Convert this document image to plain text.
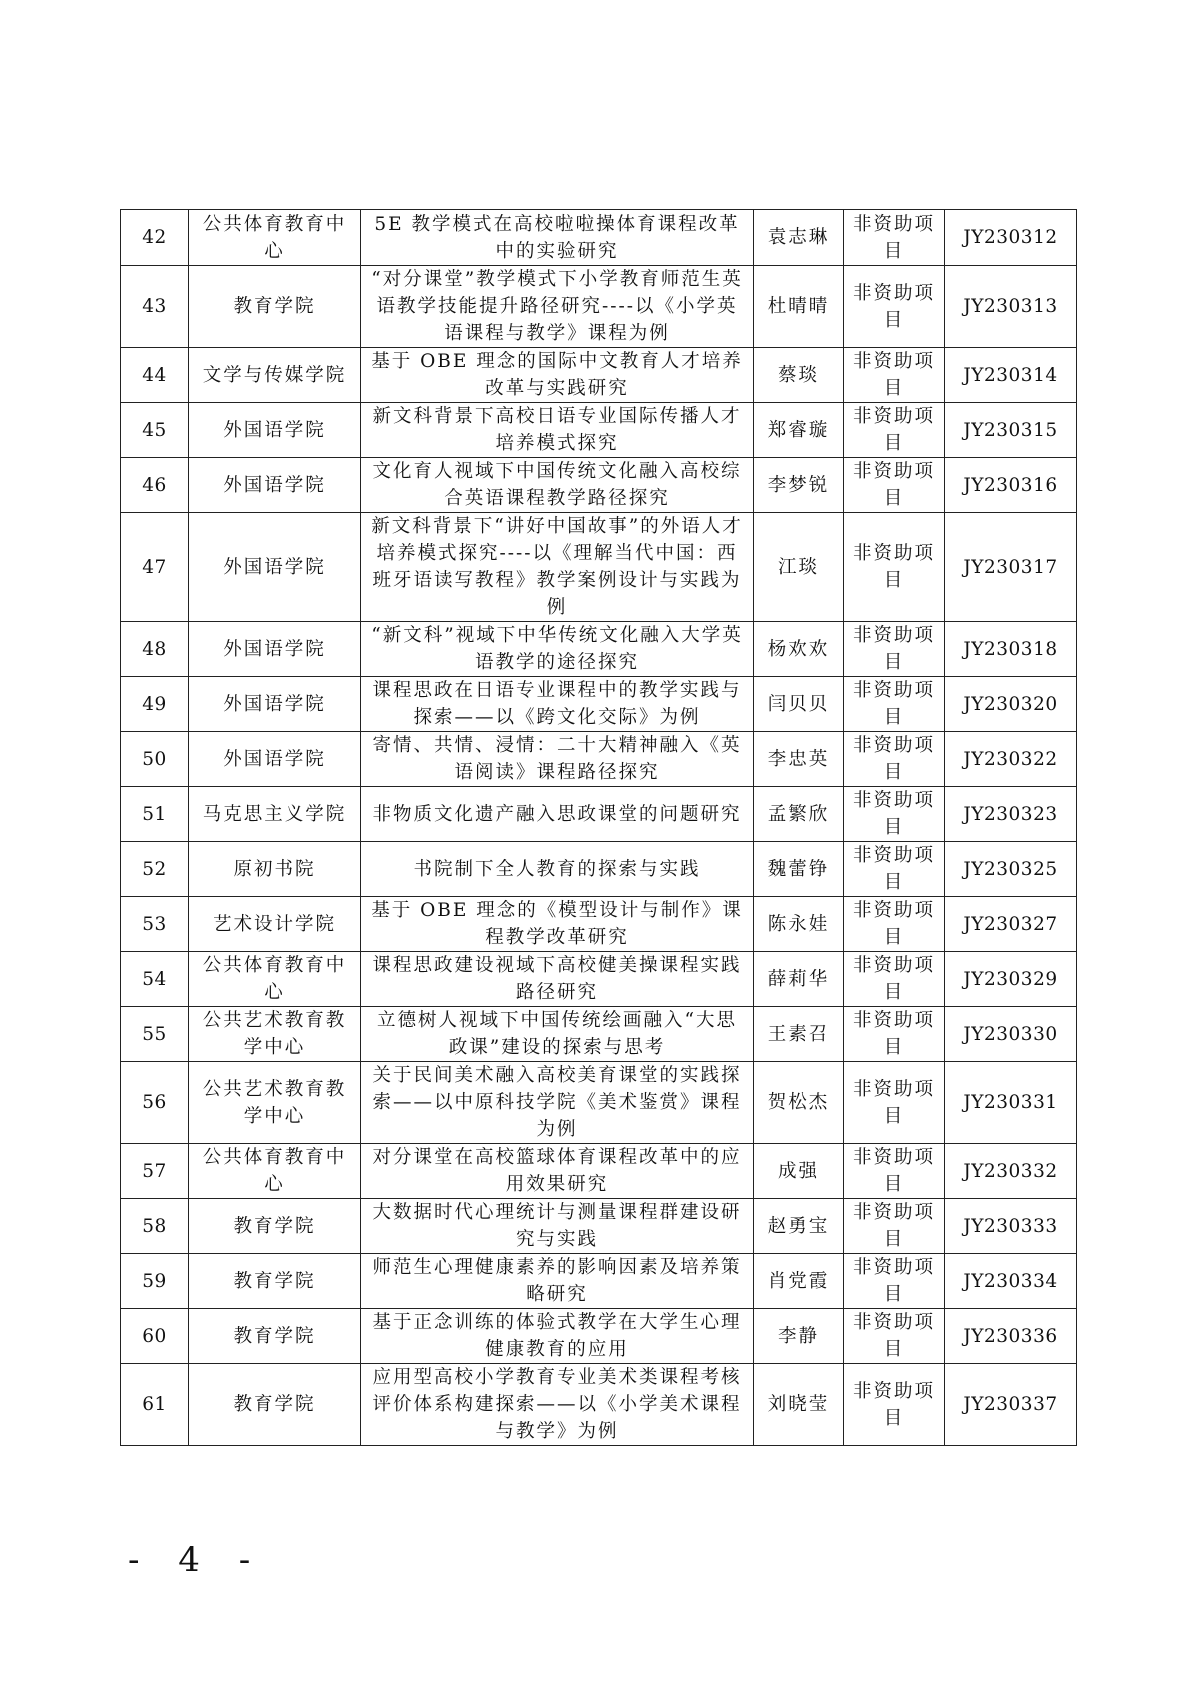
42	公共体育教育中心	5E 教学模式在高校啦啦操体育课程改革中的实验研究	袁志琳	非资助项目	JY230312
43	教育学院	“对分课堂”教学模式下小学教育师范生英语教学技能提升路径研究----以《小学英语课程与教学》课程为例	杜晴晴	非资助项目	JY230313
44	文学与传媒学院	基于 OBE 理念的国际中文教育人才培养改革与实践研究	蔡琰	非资助项目	JY230314
45	外国语学院	新文科背景下高校日语专业国际传播人才培养模式探究	郑睿璇	非资助项目	JY230315
46	外国语学院	文化育人视域下中国传统文化融入高校综合英语课程教学路径探究	李梦锐	非资助项目	JY230316
47	外国语学院	新文科背景下“讲好中国故事”的外语人才培养模式探究----以《理解当代中国：西班牙语读写教程》教学案例设计与实践为例	江琰	非资助项目	JY230317
48	外国语学院	“新文科”视域下中华传统文化融入大学英语教学的途径探究	杨欢欢	非资助项目	JY230318
49	外国语学院	课程思政在日语专业课程中的教学实践与探索——以《跨文化交际》为例	闫贝贝	非资助项目	JY230320
50	外国语学院	寄情、共情、浸情：二十大精神融入《英语阅读》课程路径探究	李忠英	非资助项目	JY230322
51	马克思主义学院	非物质文化遗产融入思政课堂的问题研究	孟繁欣	非资助项目	JY230323
52	原初书院	书院制下全人教育的探索与实践	魏蕾铮	非资助项目	JY230325
53	艺术设计学院	基于 OBE 理念的《模型设计与制作》课程教学改革研究	陈永娃	非资助项目	JY230327
54	公共体育教育中心	课程思政建设视域下高校健美操课程实践路径研究	薛莉华	非资助项目	JY230329
55	公共艺术教育教学中心	立德树人视域下中国传统绘画融入“大思政课”建设的探索与思考	王素召	非资助项目	JY230330
56	公共艺术教育教学中心	关于民间美术融入高校美育课堂的实践探索——以中原科技学院《美术鉴赏》课程为例	贺松杰	非资助项目	JY230331
57	公共体育教育中心	对分课堂在高校篮球体育课程改革中的应用效果研究	成强	非资助项目	JY230332
58	教育学院	大数据时代心理统计与测量课程群建设研究与实践	赵勇宝	非资助项目	JY230333
59	教育学院	师范生心理健康素养的影响因素及培养策略研究	肖党霞	非资助项目	JY230334
60	教育学院	基于正念训练的体验式教学在大学生心理健康教育的应用	李静	非资助项目	JY230336
61	教育学院	应用型高校小学教育专业美术类课程考核评价体系构建探索——以《小学美术课程与教学》为例	刘晓莹	非资助项目	JY230337
- 4 -
